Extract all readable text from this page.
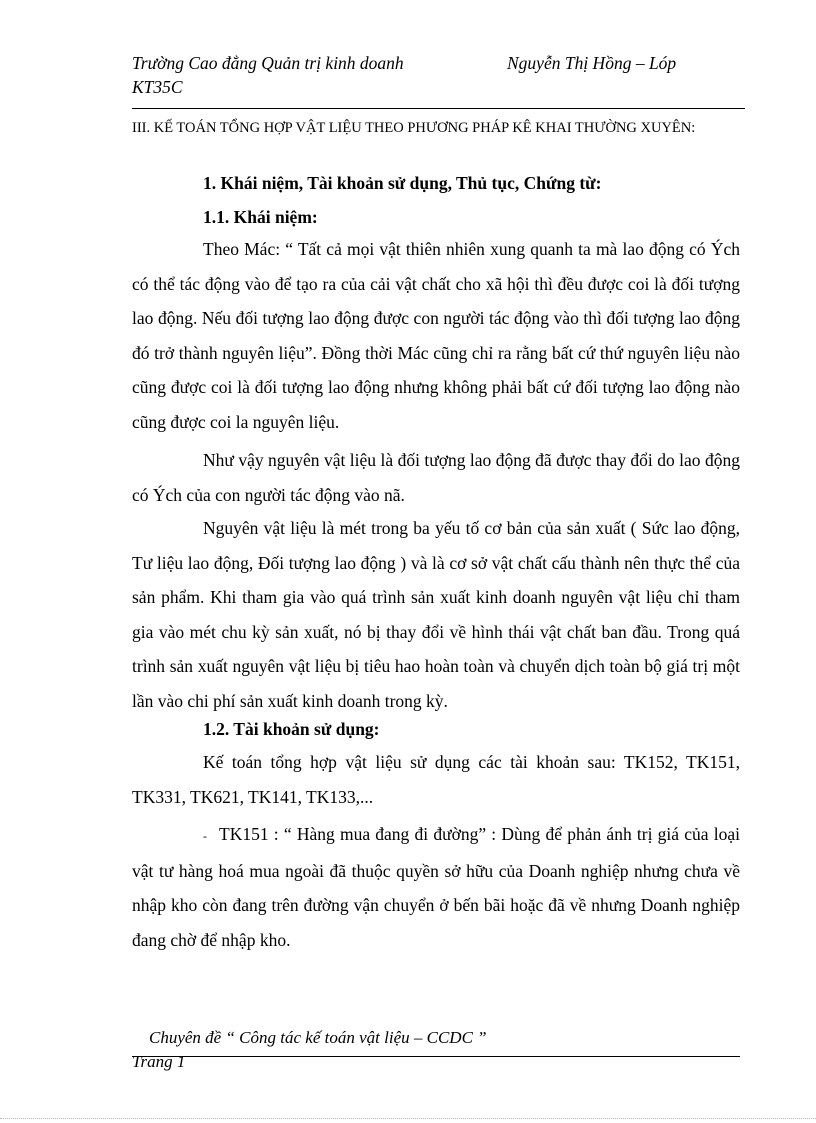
Trường Cao đẳng Quản trị kinh doanh	Nguyễn Thị Hồng – Lóp
KT35C
III. KẾ TOÁN TỔNG HỢP VẬT LIỆU THEO PHƯƠNG PHÁP KÊ KHAI THƯỜNG XUYÊN:
1. Khái niệm, Tài khoản sử dụng, Thủ tục, Chứng từ:
1.1. Khái niệm:

Theo Mác: “ Tất cả mọi vật thiên nhiên xung quanh ta mà lao động có Ých có thể tác động vào để tạo ra của cải vật chất cho xã hội thì đều được coi là đối tượng lao động. Nếu đối tượng lao động được con người tác động vào thì đối tượng lao động đó trở thành nguyên liệu”. Đồng thời Mác cũng chỉ ra rằng bất cứ thứ nguyên liệu nào cũng được coi là đối tượng lao động nhưng không phải bất cứ đối tượng lao động nào cũng được coi la nguyên liệu.

Như vậy nguyên vật liệu là đối tượng lao động đã được thay đổi do lao động có Ých của con người tác động vào nã.

Nguyên vật liệu là mét trong ba yếu tố cơ bản của sản xuất ( Sức lao động, Tư liệu lao động, Đối tượng lao động ) và là cơ sở vật chất cấu thành nên thực thể của sản phẩm. Khi tham gia vào quá trình sản xuất kinh doanh nguyên vật liệu chỉ tham gia vào mét chu kỳ sản xuất, nó bị thay đổi về hình thái vật chất ban đầu. Trong quá trình sản xuất nguyên vật liệu bị tiêu hao hoàn toàn và chuyển dịch toàn bộ giá trị một lần vào chi phí sản xuất kinh doanh trong kỳ.

1.2. Tài khoản sử dụng:

Kế toán tổng hợp vật liệu sử dụng các tài khoản sau: TK152, TK151, TK331, TK621, TK141, TK133,...

- TK151 : “ Hàng mua đang đi đường” : Dùng để phản ánh trị giá của loại vật tư hàng hoá mua ngoài đã thuộc quyền sở hữu của Doanh nghiệp nhưng chưa về nhập kho còn đang trên đường vận chuyển ở bến bãi hoặc đã về nhưng Doanh nghiệp đang chờ để nhập kho.

Chuyên đề “ Công tác kế toán vật liệu – CCDC ”
Trang 1
